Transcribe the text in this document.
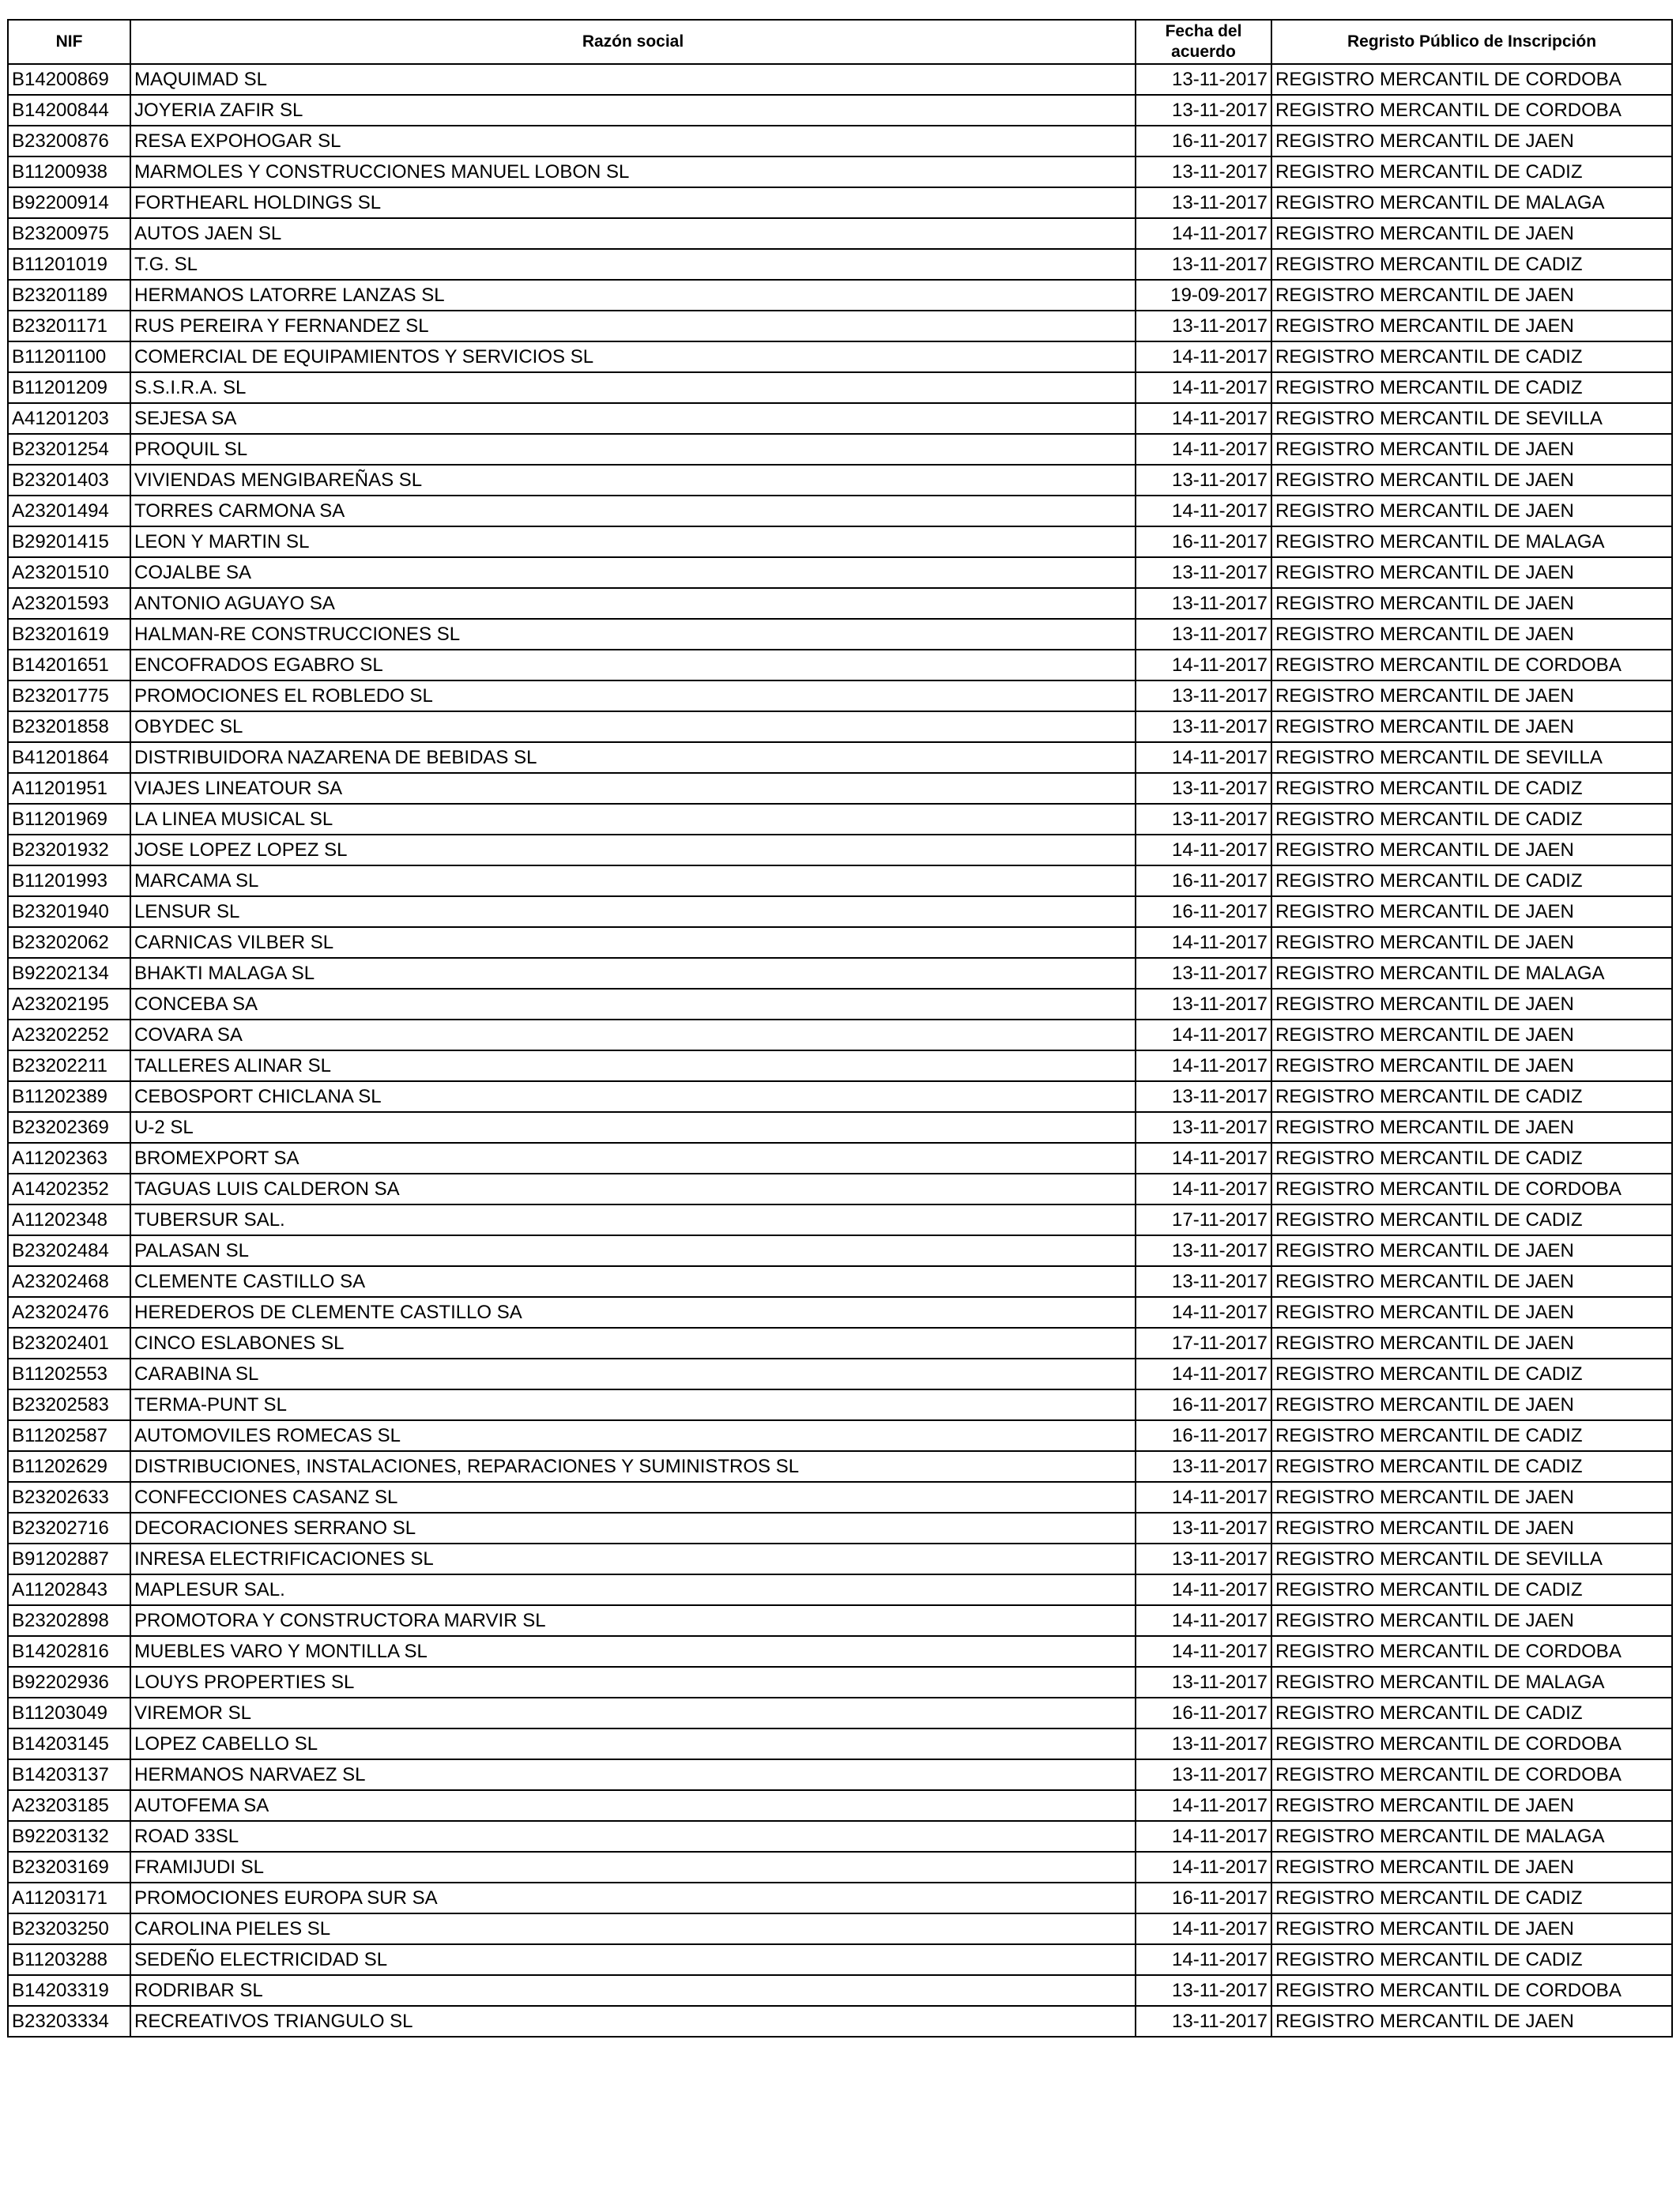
NIF	Razón social	Fecha del acuerdo	Regristo Público de Inscripción
B14200869	MAQUIMAD SL	13-11-2017	REGISTRO MERCANTIL DE CORDOBA
B14200844	JOYERIA ZAFIR SL	13-11-2017	REGISTRO MERCANTIL DE CORDOBA
B23200876	RESA EXPOHOGAR SL	16-11-2017	REGISTRO MERCANTIL DE JAEN
B11200938	MARMOLES Y CONSTRUCCIONES MANUEL LOBON SL	13-11-2017	REGISTRO MERCANTIL DE CADIZ
B92200914	FORTHEARL HOLDINGS SL	13-11-2017	REGISTRO MERCANTIL DE MALAGA
B23200975	AUTOS JAEN SL	14-11-2017	REGISTRO MERCANTIL DE JAEN
B11201019	T.G. SL	13-11-2017	REGISTRO MERCANTIL DE CADIZ
B23201189	HERMANOS LATORRE LANZAS SL	19-09-2017	REGISTRO MERCANTIL DE JAEN
B23201171	RUS PEREIRA Y FERNANDEZ SL	13-11-2017	REGISTRO MERCANTIL DE JAEN
B11201100	COMERCIAL DE EQUIPAMIENTOS Y SERVICIOS SL	14-11-2017	REGISTRO MERCANTIL DE CADIZ
B11201209	S.S.I.R.A. SL	14-11-2017	REGISTRO MERCANTIL DE CADIZ
A41201203	SEJESA SA	14-11-2017	REGISTRO MERCANTIL DE SEVILLA
B23201254	PROQUIL SL	14-11-2017	REGISTRO MERCANTIL DE JAEN
B23201403	VIVIENDAS MENGIBAREÑAS SL	13-11-2017	REGISTRO MERCANTIL DE JAEN
A23201494	TORRES CARMONA SA	14-11-2017	REGISTRO MERCANTIL DE JAEN
B29201415	LEON Y MARTIN SL	16-11-2017	REGISTRO MERCANTIL DE MALAGA
A23201510	COJALBE SA	13-11-2017	REGISTRO MERCANTIL DE JAEN
A23201593	ANTONIO AGUAYO SA	13-11-2017	REGISTRO MERCANTIL DE JAEN
B23201619	HALMAN-RE CONSTRUCCIONES SL	13-11-2017	REGISTRO MERCANTIL DE JAEN
B14201651	ENCOFRADOS EGABRO SL	14-11-2017	REGISTRO MERCANTIL DE CORDOBA
B23201775	PROMOCIONES EL ROBLEDO SL	13-11-2017	REGISTRO MERCANTIL DE JAEN
B23201858	OBYDEC SL	13-11-2017	REGISTRO MERCANTIL DE JAEN
B41201864	DISTRIBUIDORA NAZARENA DE BEBIDAS SL	14-11-2017	REGISTRO MERCANTIL DE SEVILLA
A11201951	VIAJES LINEATOUR SA	13-11-2017	REGISTRO MERCANTIL DE CADIZ
B11201969	LA LINEA MUSICAL SL	13-11-2017	REGISTRO MERCANTIL DE CADIZ
B23201932	JOSE LOPEZ LOPEZ SL	14-11-2017	REGISTRO MERCANTIL DE JAEN
B11201993	MARCAMA SL	16-11-2017	REGISTRO MERCANTIL DE CADIZ
B23201940	LENSUR SL	16-11-2017	REGISTRO MERCANTIL DE JAEN
B23202062	CARNICAS VILBER SL	14-11-2017	REGISTRO MERCANTIL DE JAEN
B92202134	BHAKTI MALAGA SL	13-11-2017	REGISTRO MERCANTIL DE MALAGA
A23202195	CONCEBA SA	13-11-2017	REGISTRO MERCANTIL DE JAEN
A23202252	COVARA SA	14-11-2017	REGISTRO MERCANTIL DE JAEN
B23202211	TALLERES ALINAR SL	14-11-2017	REGISTRO MERCANTIL DE JAEN
B11202389	CEBOSPORT CHICLANA SL	13-11-2017	REGISTRO MERCANTIL DE CADIZ
B23202369	U-2 SL	13-11-2017	REGISTRO MERCANTIL DE JAEN
A11202363	BROMEXPORT SA	14-11-2017	REGISTRO MERCANTIL DE CADIZ
A14202352	TAGUAS LUIS CALDERON SA	14-11-2017	REGISTRO MERCANTIL DE CORDOBA
A11202348	TUBERSUR SAL.	17-11-2017	REGISTRO MERCANTIL DE CADIZ
B23202484	PALASAN SL	13-11-2017	REGISTRO MERCANTIL DE JAEN
A23202468	CLEMENTE CASTILLO SA	13-11-2017	REGISTRO MERCANTIL DE JAEN
A23202476	HEREDEROS DE CLEMENTE CASTILLO SA	14-11-2017	REGISTRO MERCANTIL DE JAEN
B23202401	CINCO ESLABONES SL	17-11-2017	REGISTRO MERCANTIL DE JAEN
B11202553	CARABINA SL	14-11-2017	REGISTRO MERCANTIL DE CADIZ
B23202583	TERMA-PUNT SL	16-11-2017	REGISTRO MERCANTIL DE JAEN
B11202587	AUTOMOVILES ROMECAS SL	16-11-2017	REGISTRO MERCANTIL DE CADIZ
B11202629	DISTRIBUCIONES, INSTALACIONES, REPARACIONES Y SUMINISTROS SL	13-11-2017	REGISTRO MERCANTIL DE CADIZ
B23202633	CONFECCIONES CASANZ SL	14-11-2017	REGISTRO MERCANTIL DE JAEN
B23202716	DECORACIONES SERRANO SL	13-11-2017	REGISTRO MERCANTIL DE JAEN
B91202887	INRESA ELECTRIFICACIONES SL	13-11-2017	REGISTRO MERCANTIL DE SEVILLA
A11202843	MAPLESUR SAL.	14-11-2017	REGISTRO MERCANTIL DE CADIZ
B23202898	PROMOTORA Y CONSTRUCTORA MARVIR SL	14-11-2017	REGISTRO MERCANTIL DE JAEN
B14202816	MUEBLES VARO Y MONTILLA SL	14-11-2017	REGISTRO MERCANTIL DE CORDOBA
B92202936	LOUYS PROPERTIES SL	13-11-2017	REGISTRO MERCANTIL DE MALAGA
B11203049	VIREMOR SL	16-11-2017	REGISTRO MERCANTIL DE CADIZ
B14203145	LOPEZ CABELLO SL	13-11-2017	REGISTRO MERCANTIL DE CORDOBA
B14203137	HERMANOS NARVAEZ SL	13-11-2017	REGISTRO MERCANTIL DE CORDOBA
A23203185	AUTOFEMA SA	14-11-2017	REGISTRO MERCANTIL DE JAEN
B92203132	ROAD 33SL	14-11-2017	REGISTRO MERCANTIL DE MALAGA
B23203169	FRAMIJUDI SL	14-11-2017	REGISTRO MERCANTIL DE JAEN
A11203171	PROMOCIONES EUROPA SUR SA	16-11-2017	REGISTRO MERCANTIL DE CADIZ
B23203250	CAROLINA PIELES SL	14-11-2017	REGISTRO MERCANTIL DE JAEN
B11203288	SEDEÑO ELECTRICIDAD SL	14-11-2017	REGISTRO MERCANTIL DE CADIZ
B14203319	RODRIBAR SL	13-11-2017	REGISTRO MERCANTIL DE CORDOBA
B23203334	RECREATIVOS TRIANGULO SL	13-11-2017	REGISTRO MERCANTIL DE JAEN
